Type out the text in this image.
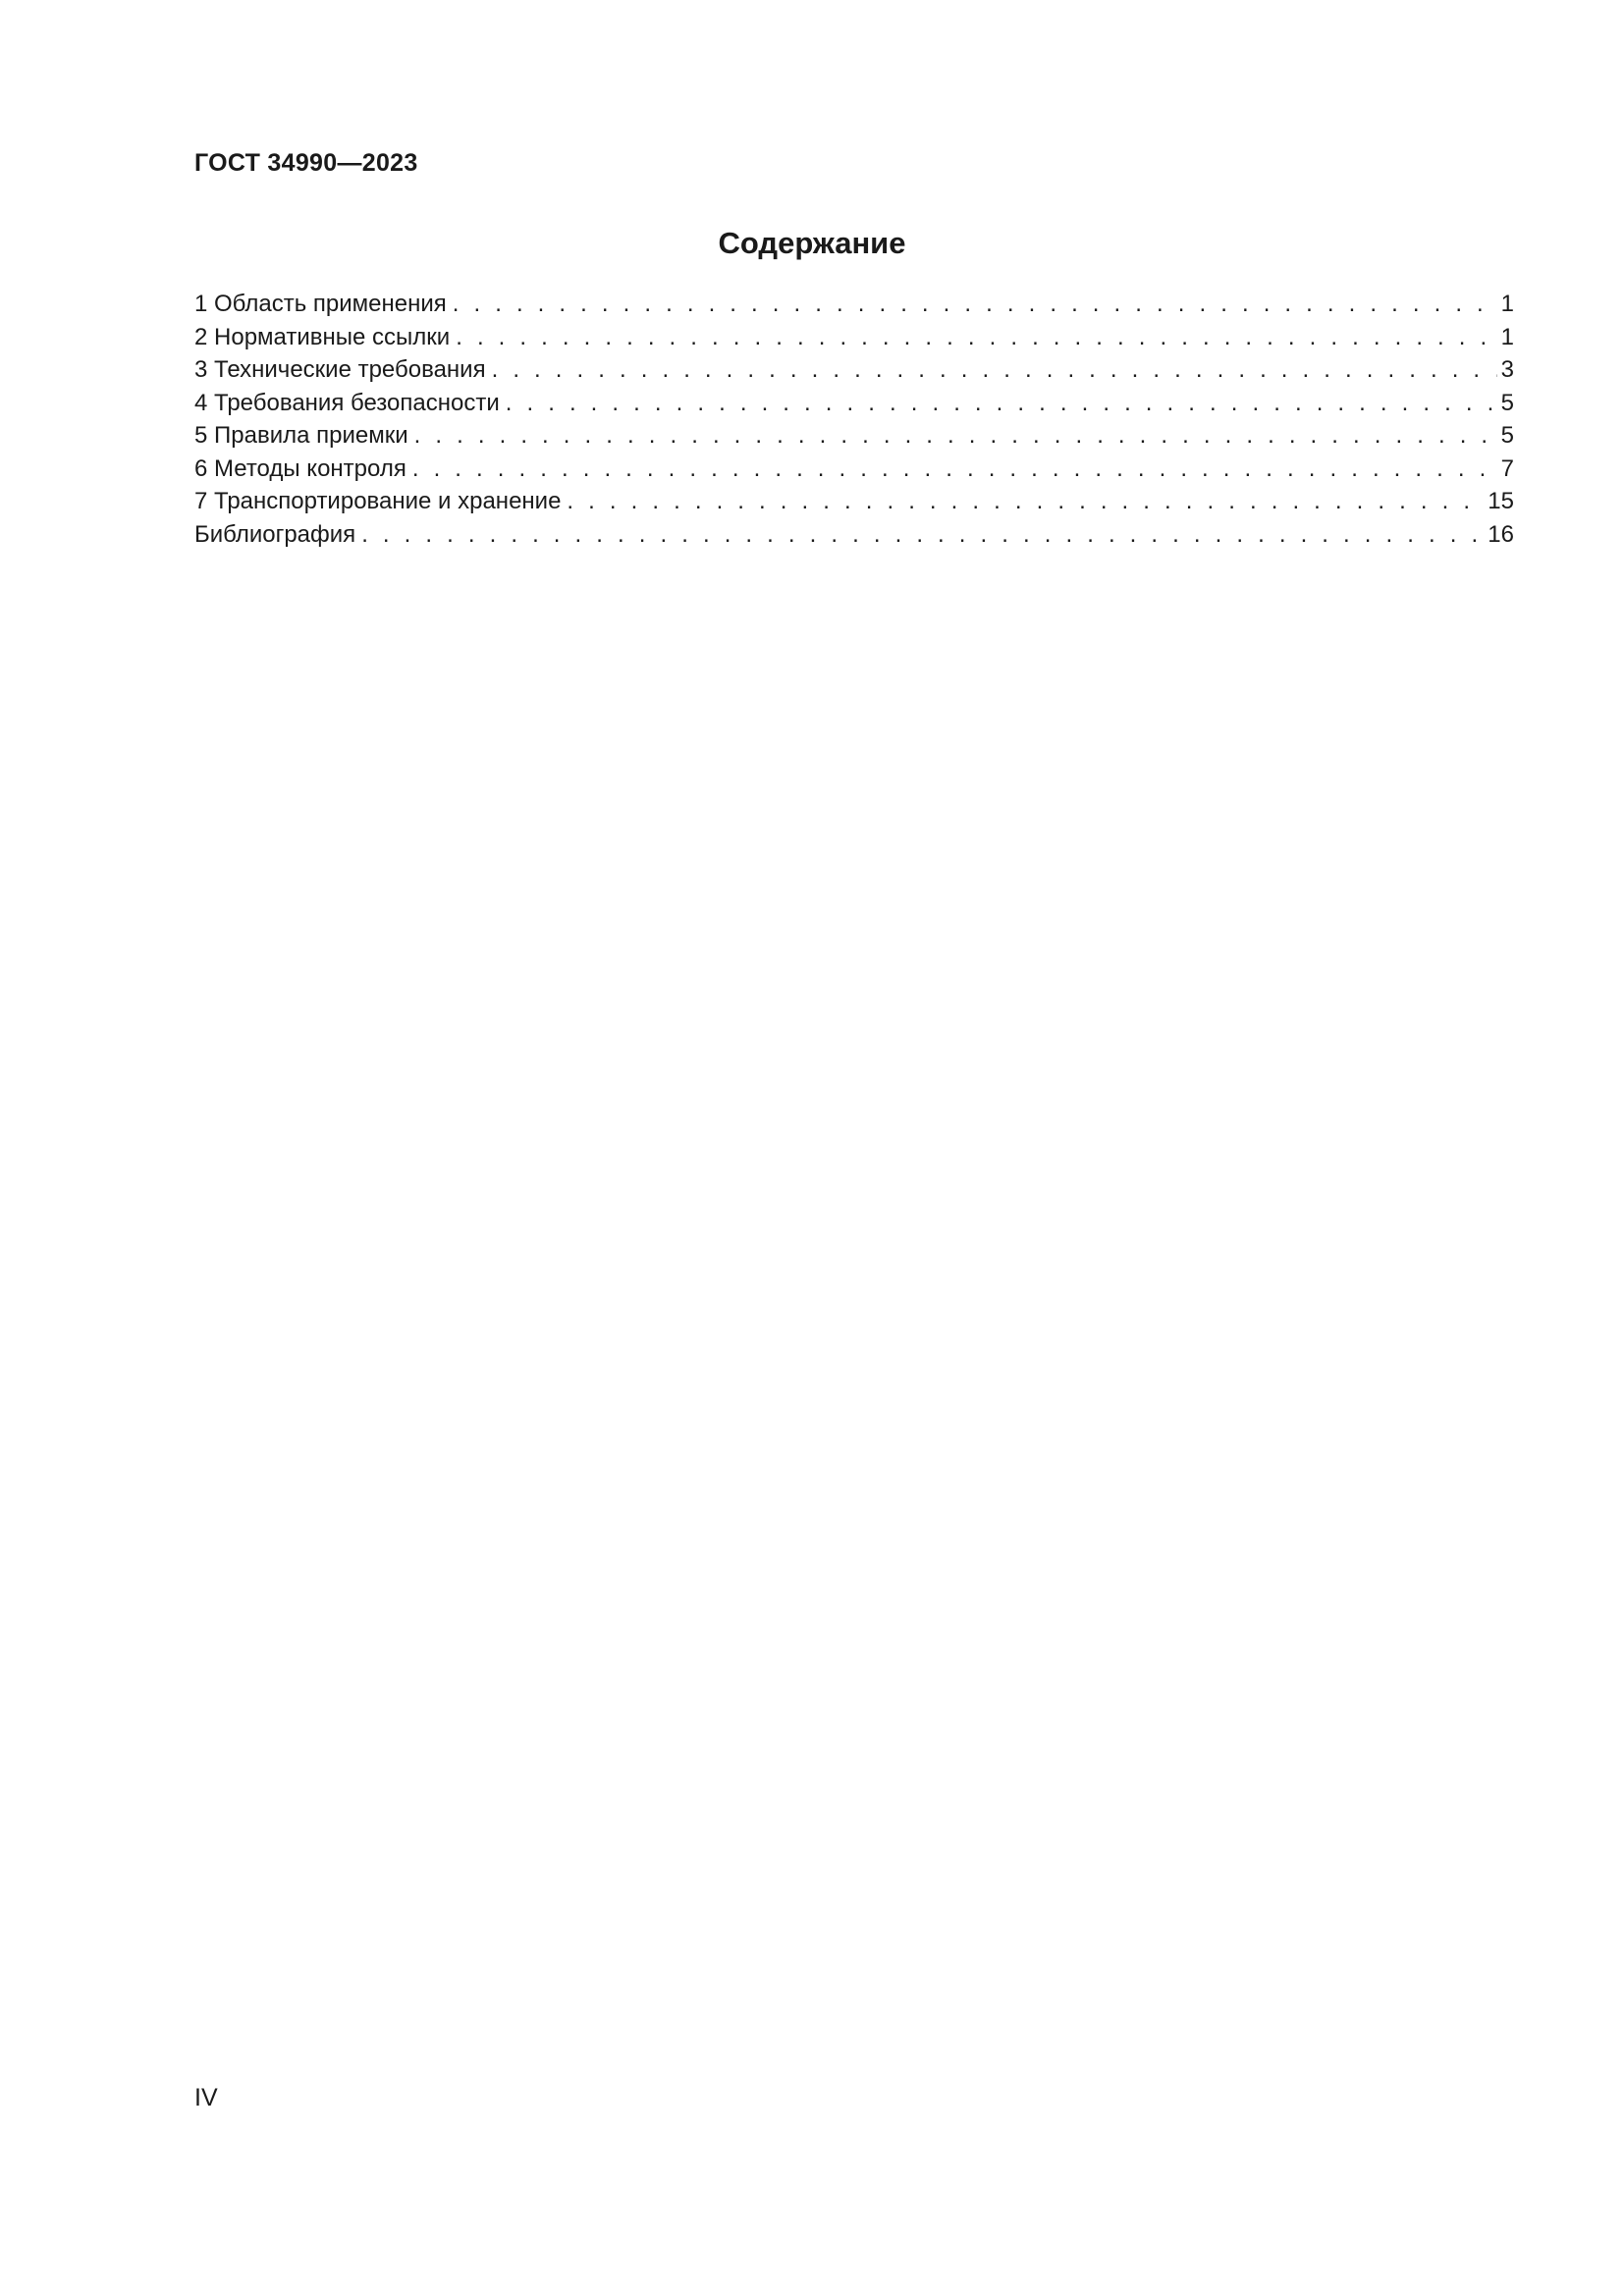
ГОСТ 34990—2023
Содержание
1 Область применения . . .	1
2 Нормативные ссылки . . .	1
3 Технические требования . . .	3
4 Требования безопасности . . .	5
5 Правила приемки . . .	5
6 Методы контроля . . .	7
7 Транспортирование и хранение . . .	15
Библиография . . .	16
IV
